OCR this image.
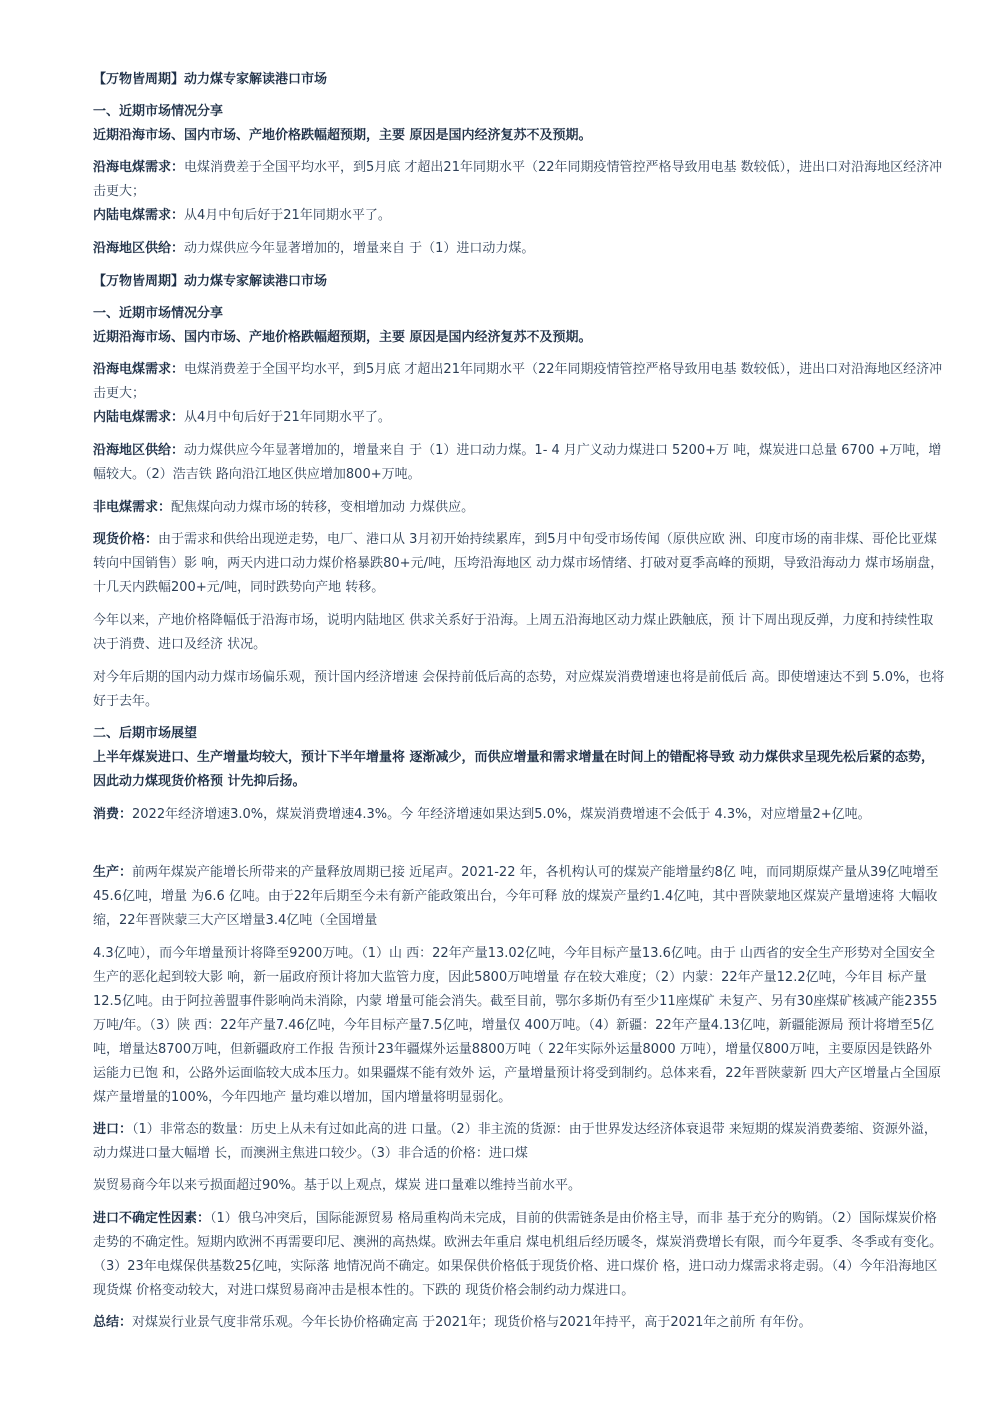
【万物皆周期】动力煤专家解读港口市场

一、近期市场情况分享

近期沿海市场、国内市场、产地价格跌幅超预期，主要 原因是国内经济复苏不及预期。

沿海电煤需求：电煤消费差于全国平均水平，到5月底 才超出21年同期水平（22年同期疫情管控严格导致用电基 数较低），进出口对沿海地区经济冲击更大；

内陆电煤需求：从4月中旬后好于21年同期水平了。

沿海地区供给：动力煤供应今年显著增加的，增量来自 于（1）进口动力煤。

【万物皆周期】动力煤专家解读港口市场

一、近期市场情况分享

近期沿海市场、国内市场、产地价格跌幅超预期，主要 原因是国内经济复苏不及预期。

沿海电煤需求：电煤消费差于全国平均水平，到5月底 才超出21年同期水平（22年同期疫情管控严格导致用电基 数较低），进出口对沿海地区经济冲击更大；

内陆电煤需求：从4月中旬后好于21年同期水平了。

沿海地区供给：动力煤供应今年显著增加的，增量来自 于（1）进口动力煤。1- 4 月广义动力煤进口 5200+万 吨，煤炭进口总量 6700 +万吨，增幅较大。（2）浩吉铁 路向沿江地区供应增加800+万吨。

非电煤需求：配焦煤向动力煤市场的转移，变相增加动 力煤供应。

现货价格：由于需求和供给出现逆走势，电厂、港口从 3月初开始持续累库，到5月中旬受市场传闻（原供应欧 洲、印度市场的南非煤、哥伦比亚煤转向中国销售）影 响，两天内进口动力煤价格暴跌80+元/吨，压垮沿海地区 动力煤市场情绪、打破对夏季高峰的预期，导致沿海动力 煤市场崩盘，十几天内跌幅200+元/吨，同时跌势向产地 转移。

今年以来，产地价格降幅低于沿海市场，说明内陆地区 供求关系好于沿海。上周五沿海地区动力煤止跌触底，预 计下周出现反弹，力度和持续性取决于消费、进口及经济 状况。

对今年后期的国内动力煤市场偏乐观，预计国内经济增速 会保持前低后高的态势，对应煤炭消费增速也将是前低后 高。即使增速达不到 5.0%，也将好于去年。

二、后期市场展望

上半年煤炭进口、生产增量均较大，预计下半年增量将 逐渐减少，而供应增量和需求增量在时间上的错配将导致 动力煤供求呈现先松后紧的态势，因此动力煤现货价格预 计先抑后扬。

消费：2022年经济增速3.0%，煤炭消费增速4.3%。今 年经济增速如果达到5.0%，煤炭消费增速不会低于 4.3%，对应增量2+亿吨。

生产：前两年煤炭产能增长所带来的产量释放周期已接 近尾声。2021-22 年，各机构认可的煤炭产能增量约8亿 吨，而同期原煤产量从39亿吨增至45.6亿吨，增量 为6.6 亿吨。由于22年后期至今未有新产能政策出台，今年可释 放的煤炭产量约1.4亿吨，其中晋陕蒙地区煤炭产量增速将 大幅收缩，22年晋陕蒙三大产区增量3.4亿吨（全国增量

4.3亿吨），而今年增量预计将降至9200万吨。（1）山 西：22年产量13.02亿吨，今年目标产量13.6亿吨。由于 山西省的安全生产形势对全国安全生产的恶化起到较大影 响，新一届政府预计将加大监管力度，因此5800万吨增量 存在较大难度；（2）内蒙：22年产量12.2亿吨，今年目 标产量12.5亿吨。由于阿拉善盟事件影响尚未消除，内蒙 增量可能会消失。截至目前，鄂尔多斯仍有至少11座煤矿 未复产、另有30座煤矿核减产能2355万吨/年。（3）陕 西：22年产量7.46亿吨，今年目标产量7.5亿吨，增量仅 400万吨。（4）新疆：22年产量4.13亿吨，新疆能源局 预计将增至5亿吨，增量达8700万吨，但新疆政府工作报 告预计23年疆煤外运量8800万吨（ 22年实际外运量8000 万吨），增量仅800万吨，主要原因是铁路外运能力已饱 和，公路外运面临较大成本压力。如果疆煤不能有效外 运，产量增量预计将受到制约。总体来看，22年晋陕蒙新 四大产区增量占全国原煤产量增量的100%，今年四地产 量均难以增加，国内增量将明显弱化。

进口：（1）非常态的数量：历史上从未有过如此高的进 口量。（2）非主流的货源：由于世界发达经济体衰退带 来短期的煤炭消费萎缩、资源外溢，动力煤进口量大幅增 长，而澳洲主焦进口较少。（3）非合适的价格：进口煤

炭贸易商今年以来亏损面超过90%。基于以上观点，煤炭 进口量难以维持当前水平。

进口不确定性因素：（1）俄乌冲突后，国际能源贸易 格局重构尚未完成，目前的供需链条是由价格主导，而非 基于充分的购销。（2）国际煤炭价格走势的不确定性。短期内欧洲不再需要印尼、澳洲的高热煤。欧洲去年重启 煤电机组后经历暖冬，煤炭消费增长有限，而今年夏季、冬季或有变化。（3）23年电煤保供基数25亿吨，实际落 地情况尚不确定。如果保供价格低于现货价格、进口煤价 格，进口动力煤需求将走弱。（4）今年沿海地区现货煤 价格变动较大，对进口煤贸易商冲击是根本性的。下跌的 现货价格会制约动力煤进口。

总结：对煤炭行业景气度非常乐观。今年长协价格确定高 于2021年；现货价格与2021年持平，高于2021年之前所 有年份。
